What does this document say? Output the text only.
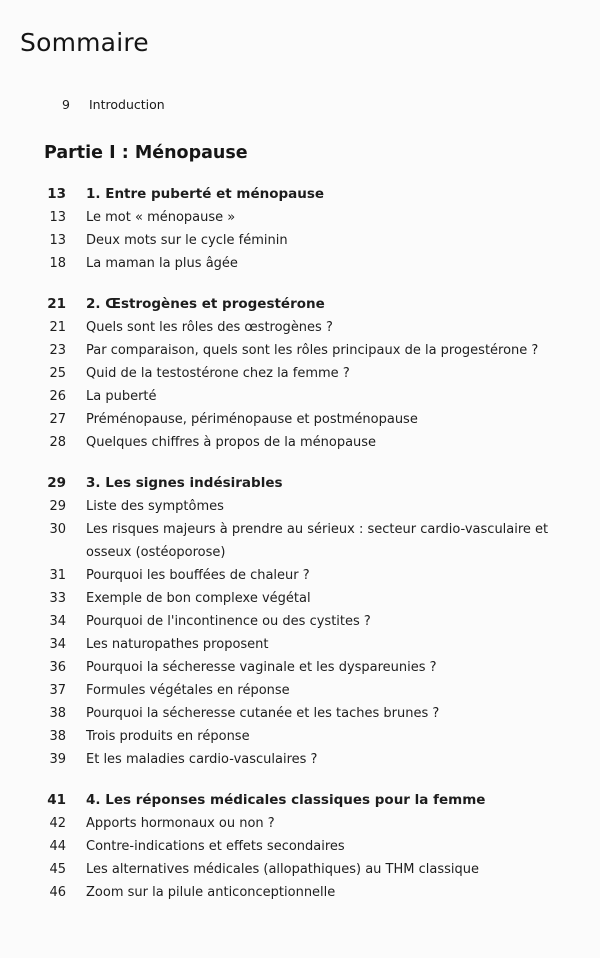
Sommaire
9 Introduction
Partie I : Ménopause
13 1. Entre puberté et ménopause
13 Le mot « ménopause »
13 Deux mots sur le cycle féminin
18 La maman la plus âgée
21 2. Œstrogènes et progestérone
21 Quels sont les rôles des œstrogènes ?
23 Par comparaison, quels sont les rôles principaux de la progestérone ?
25 Quid de la testostérone chez la femme ?
26 La puberté
27 Préménopause, périménopause et postménopause
28 Quelques chiffres à propos de la ménopause
29 3. Les signes indésirables
29 Liste des symptômes
30 Les risques majeurs à prendre au sérieux : secteur cardio-vasculaire et osseux (ostéoporose)
31 Pourquoi les bouffées de chaleur ?
33 Exemple de bon complexe végétal
34 Pourquoi de l'incontinence ou des cystites ?
34 Les naturopathes proposent
36 Pourquoi la sécheresse vaginale et les dyspareunies ?
37 Formules végétales en réponse
38 Pourquoi la sécheresse cutanée et les taches brunes ?
38 Trois produits en réponse
39 Et les maladies cardio-vasculaires ?
41 4. Les réponses médicales classiques pour la femme
42 Apports hormonaux ou non ?
44 Contre-indications et effets secondaires
45 Les alternatives médicales (allopathiques) au THM classique
46 Zoom sur la pilule anticonceptionnelle
